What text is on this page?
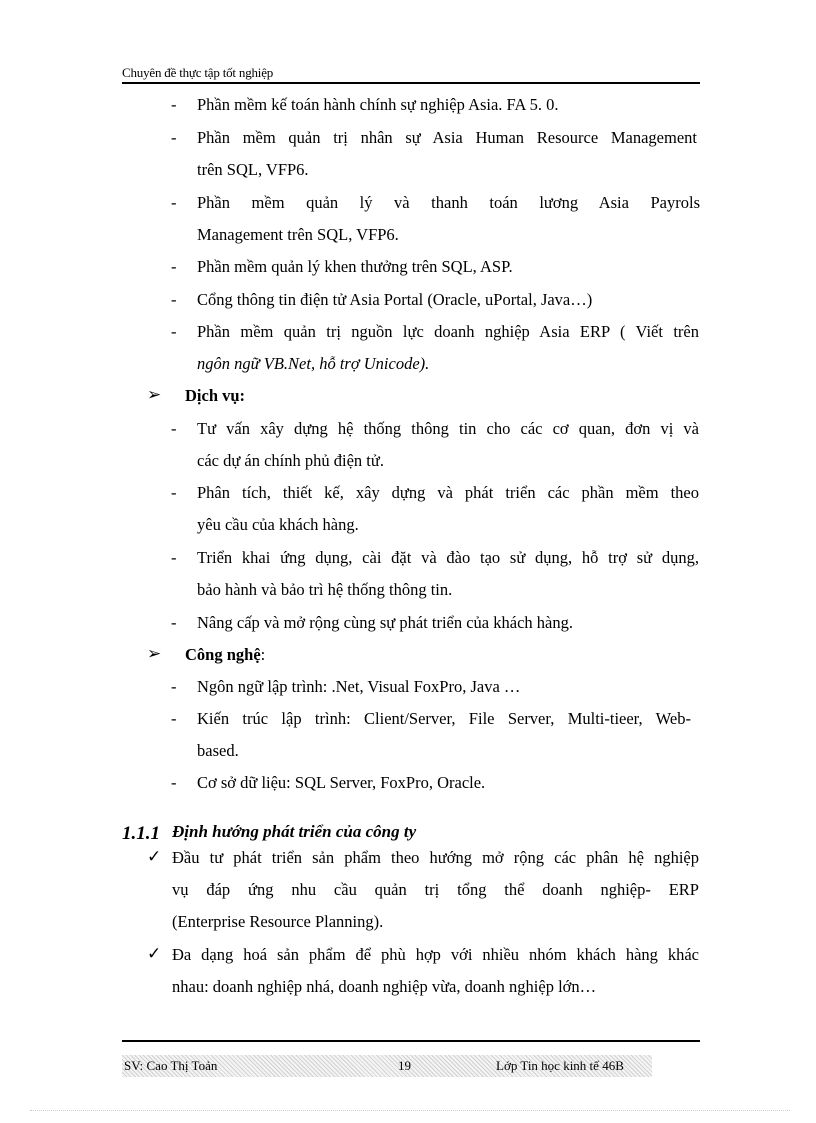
Chuyên đề thực tập tốt nghiệp
- Phần mềm kế toán hành chính sự nghiệp Asia. FA 5. 0.
- Phần mềm quản trị nhân sự Asia Human Resource Management
trên SQL, VFP6.
- Phần mềm quản lý và thanh toán lương Asia Payrols
Management trên SQL, VFP6.
- Phần mềm quản lý khen thưởng trên SQL, ASP.
- Cổng thông tin điện tử Asia Portal (Oracle, uPortal, Java…)
- Phần mềm quản trị nguồn lực doanh nghiệp Asia ERP ( Viết trên
ngôn ngữ VB.Net, hỗ trợ Unicode).
➢ Dịch vụ:
- Tư vấn xây dựng hệ thống thông tin cho các cơ quan, đơn vị và
các dự án chính phủ điện tử.
- Phân tích, thiết kế, xây dựng và phát triển các phần mềm theo
yêu cầu của khách hàng.
- Triển khai ứng dụng, cài đặt và đào tạo sử dụng, hỗ trợ sử dụng,
bảo hành và bảo trì hệ thống thông tin.
- Nâng cấp và mở rộng cùng sự phát triển của khách hàng.
➢ Công nghệ:
- Ngôn ngữ lập trình: .Net, Visual FoxPro, Java …
- Kiến trúc lập trình: Client/Server, File Server, Multi-tieer, Web-
based.
- Cơ sở dữ liệu: SQL Server, FoxPro, Oracle.
1.1.1 Định hướng phát triển của công ty
✓ Đầu tư phát triển sản phẩm theo hướng mở rộng các phân hệ nghiệp
vụ đáp ứng nhu cầu quản trị tổng thể doanh nghiệp- ERP
(Enterprise Resource Planning).
✓ Đa dạng hoá sản phẩm để phù hợp với nhiều nhóm khách hàng khác
nhau: doanh nghiệp nhá, doanh nghiệp vừa, doanh nghiệp lớn…
SV: Cao Thị Toản	19	Lớp Tin học kinh tế 46B
